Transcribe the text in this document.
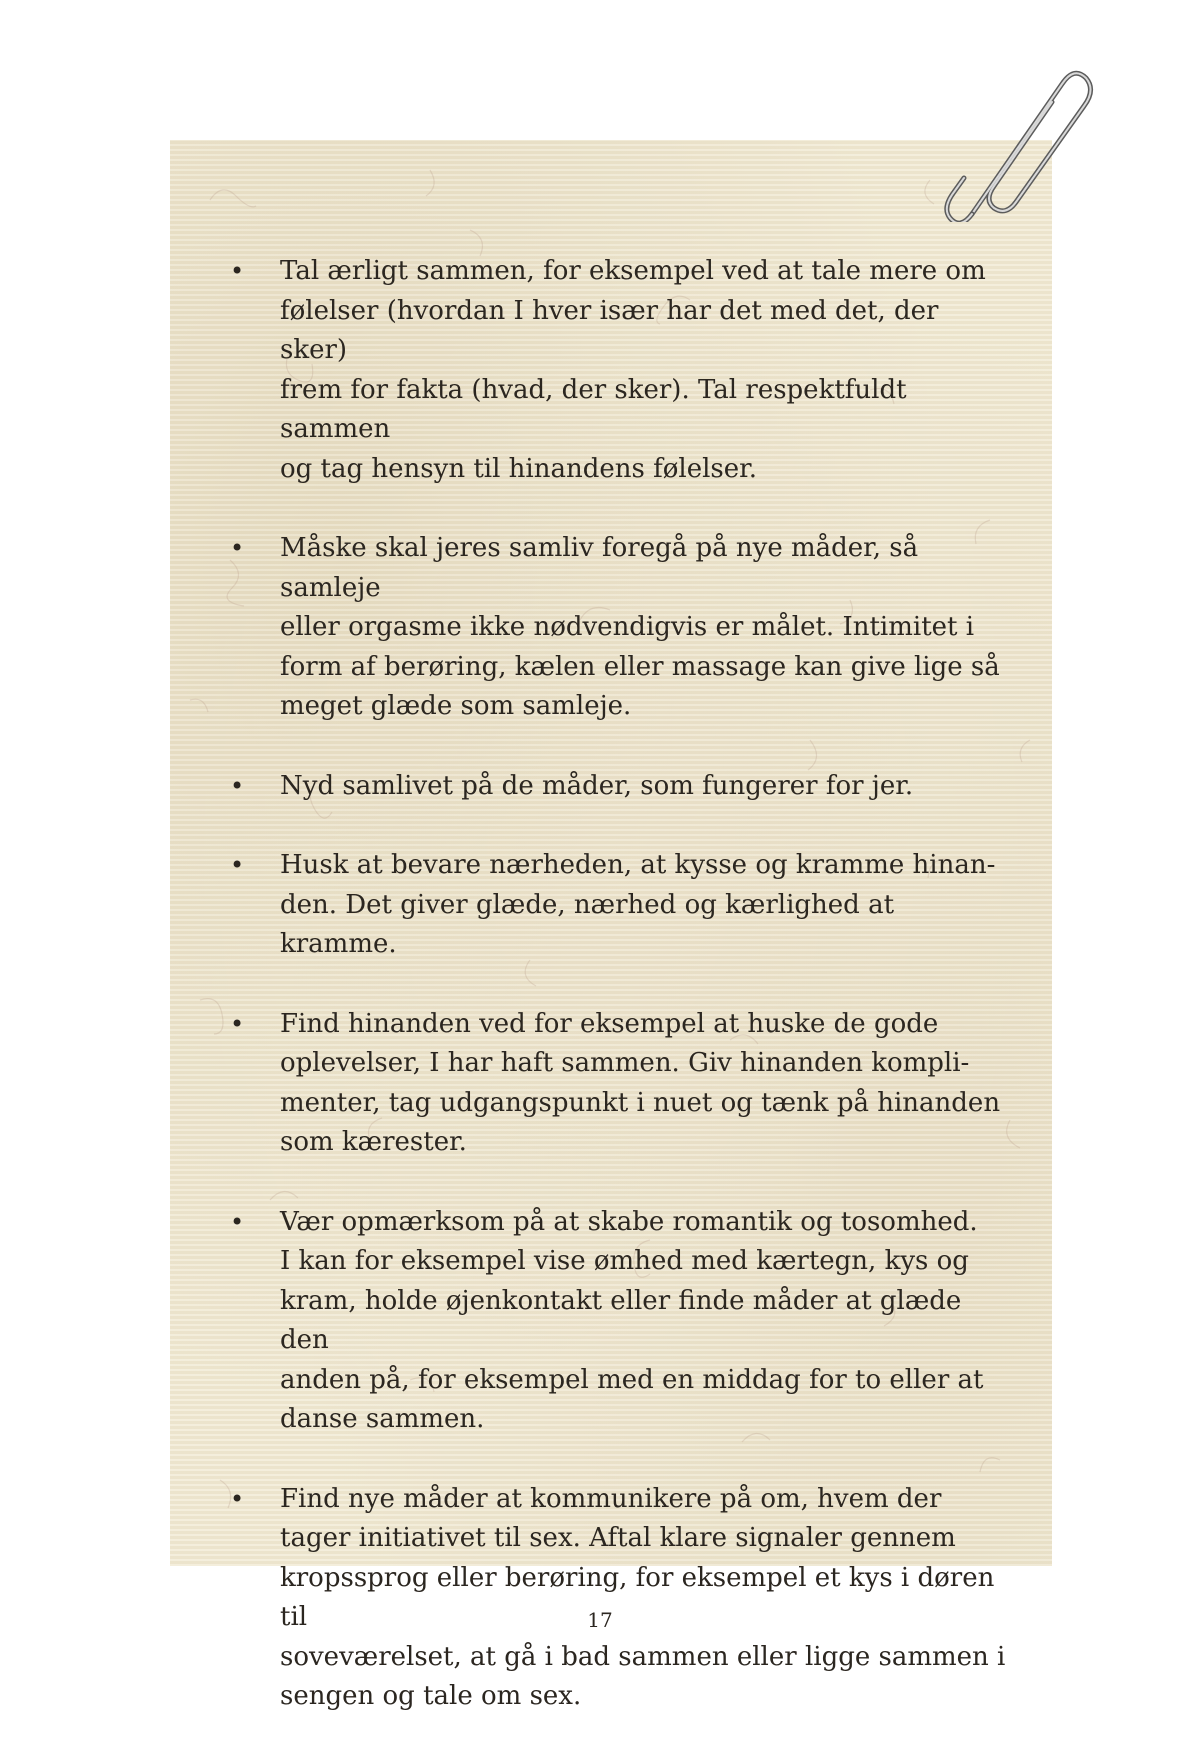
• Tal ærligt sammen, for eksempel ved at tale mere om
følelser (hvordan I hver især har det med det, der sker)
frem for fakta (hvad, der sker). Tal respektfuldt sammen
og tag hensyn til hinandens følelser.
• Måske skal jeres samliv foregå på nye måder, så samleje
eller orgasme ikke nødvendigvis er målet. Intimitet i
form af berøring, kælen eller massage kan give lige så
meget glæde som samleje.
• Nyd samlivet på de måder, som fungerer for jer.
• Husk at bevare nærheden, at kysse og kramme hinan-
den. Det giver glæde, nærhed og kærlighed at kramme.
• Find hinanden ved for eksempel at huske de gode
oplevelser, I har haft sammen. Giv hinanden kompli-
menter, tag udgangspunkt i nuet og tænk på hinanden
som kærester.
• Vær opmærksom på at skabe romantik og tosomhed.
I kan for eksempel vise ømhed med kærtegn, kys og
kram, holde øjenkontakt eller finde måder at glæde den
anden på, for eksempel med en middag for to eller at
danse sammen.
• Find nye måder at kommunikere på om, hvem der
tager initiativet til sex. Aftal klare signaler gennem
kropssprog eller berøring, for eksempel et kys i døren til
soveværelset, at gå i bad sammen eller ligge sammen i
sengen og tale om sex.
17
